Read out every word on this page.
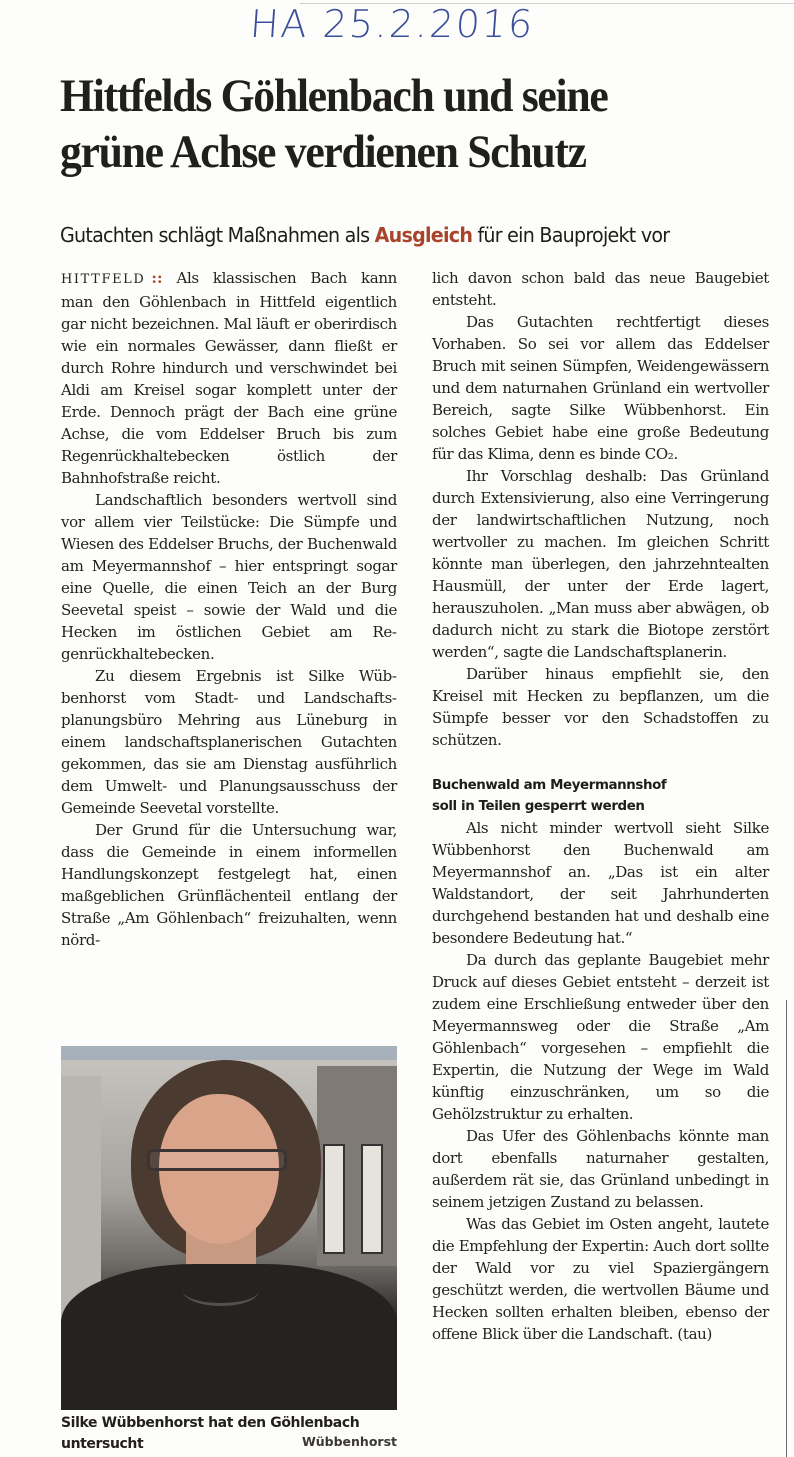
HA 25.2.2016
Hittfelds Göhlenbach und seine
grüne Achse verdienen Schutz
Gutachten schlägt Maßnahmen als Ausgleich für ein Bauprojekt vor

HITTFELD :: Als klassischen Bach kann man den Göhlenbach in Hittfeld eigentlich gar nicht bezeichnen. Mal läuft er oberirdisch wie ein normales Gewässer, dann fließt er durch Rohre hindurch und verschwindet bei Aldi am Kreisel sogar komplett unter der Erde. Dennoch prägt der Bach eine grüne Achse, die vom Eddelser Bruch bis zum Regenrückhaltebecken östlich der Bahnhofstraße reicht.

Landschaftlich besonders wertvoll sind vor allem vier Teilstücke: Die Sümpfe und Wiesen des Eddelser Bruchs, der Buchenwald am Meyermannshof – hier entspringt sogar eine Quelle, die einen Teich an der Burg Seevetal speist – sowie der Wald und die Hecken im östlichen Gebiet am Regenrückhaltebecken.

Zu diesem Ergebnis ist Silke Wübbenhorst vom Stadt- und Landschaftsplanungsbüro Mehring aus Lüneburg in einem landschaftsplanerischen Gutachten gekommen, das sie am Dienstag ausführlich dem Umwelt- und Planungsausschuss der Gemeinde Seevetal vorstellte.

Der Grund für die Untersuchung war, dass die Gemeinde in einem informellen Handlungskonzept festgelegt hat, einen maßgeblichen Grünflächenteil entlang der Straße „Am Göhlenbach“ freizuhalten, wenn nörd-

Silke Wübbenhorst hat den Göhlenbach untersucht	Wübbenhorst

lich davon schon bald das neue Baugebiet entsteht.

Das Gutachten rechtfertigt dieses Vorhaben. So sei vor allem das Eddelser Bruch mit seinen Sümpfen, Weidengewässern und dem naturnahen Grünland ein wertvoller Bereich, sagte Silke Wübbenhorst. Ein solches Gebiet habe eine große Bedeutung für das Klima, denn es binde CO₂.

Ihr Vorschlag deshalb: Das Grünland durch Extensivierung, also eine Verringerung der landwirtschaftlichen Nutzung, noch wertvoller zu machen. Im gleichen Schritt könnte man überlegen, den jahrzehntealten Hausmüll, der unter der Erde lagert, herauszuholen. „Man muss aber abwägen, ob dadurch nicht zu stark die Biotope zerstört werden“, sagte die Landschaftsplanerin.

Darüber hinaus empfiehlt sie, den Kreisel mit Hecken zu bepflanzen, um die Sümpfe besser vor den Schadstoffen zu schützen.

Buchenwald am Meyermannshof
soll in Teilen gesperrt werden

Als nicht minder wertvoll sieht Silke Wübbenhorst den Buchenwald am Meyermannshof an. „Das ist ein alter Waldstandort, der seit Jahrhunderten durchgehend bestanden hat und deshalb eine besondere Bedeutung hat.“

Da durch das geplante Baugebiet mehr Druck auf dieses Gebiet entsteht – derzeit ist zudem eine Erschließung entweder über den Meyermannsweg oder die Straße „Am Göhlenbach“ vorgesehen – empfiehlt die Expertin, die Nutzung der Wege im Wald künftig einzuschränken, um so die Gehölzstruktur zu erhalten.

Das Ufer des Göhlenbachs könnte man dort ebenfalls naturnaher gestalten, außerdem rät sie, das Grünland unbedingt in seinem jetzigen Zustand zu belassen.

Was das Gebiet im Osten angeht, lautete die Empfehlung der Expertin: Auch dort sollte der Wald vor zu viel Spaziergängern geschützt werden, die wertvollen Bäume und Hecken sollten erhalten bleiben, ebenso der offene Blick über die Landschaft. (tau)
